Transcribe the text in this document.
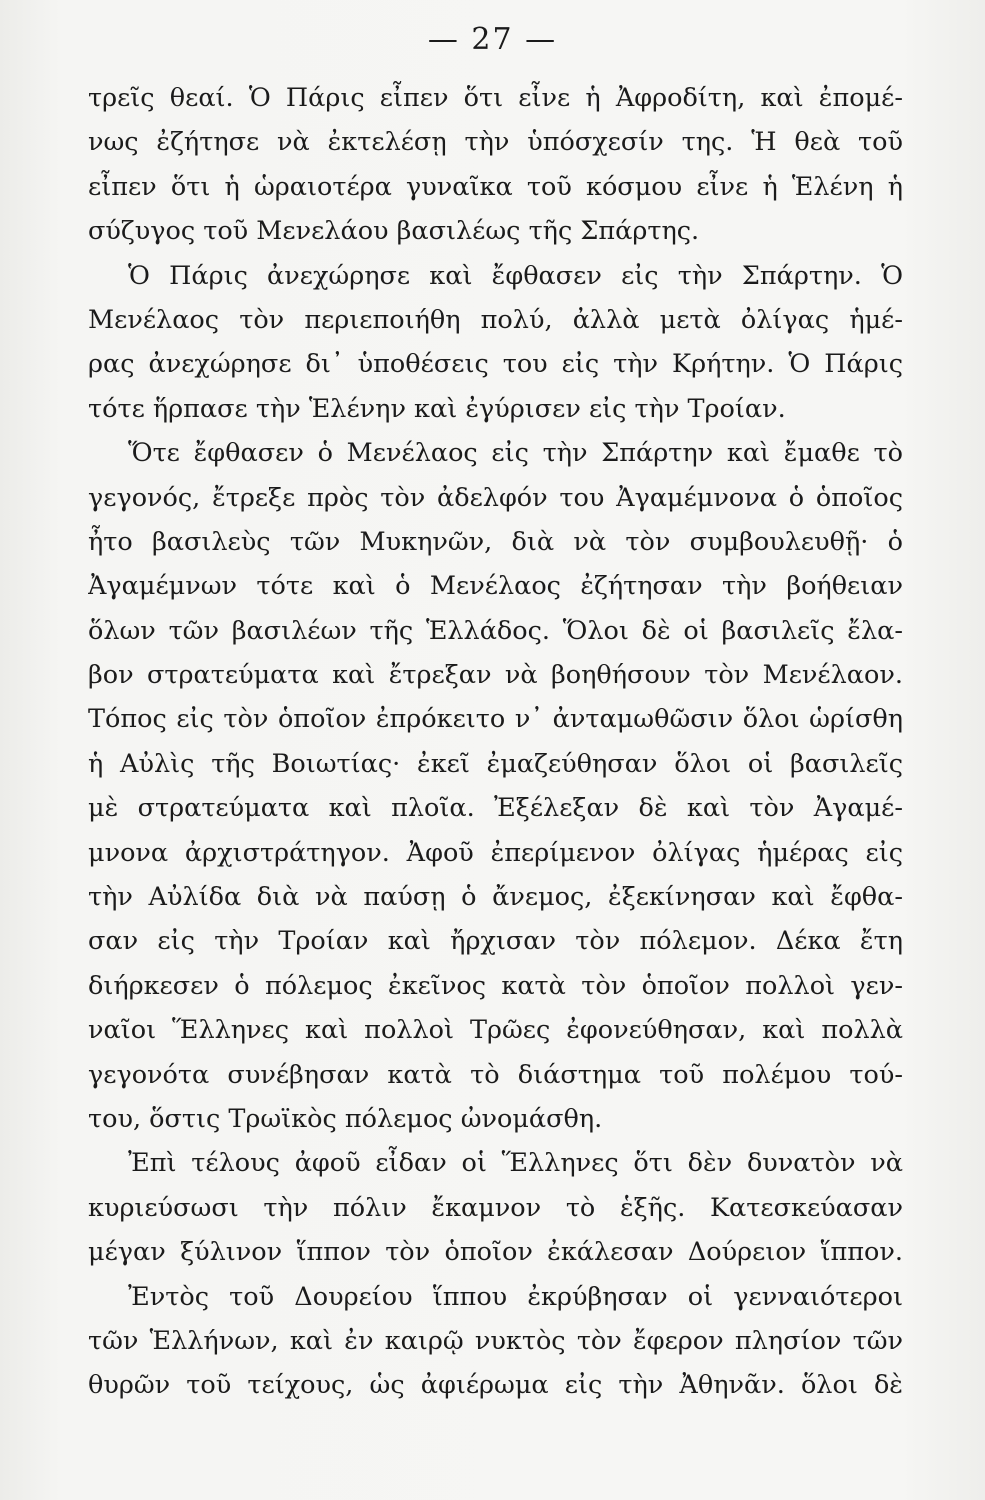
— 27 —
τρεῖς θεαί. Ὁ Πάρις εἶπεν ὅτι εἶνε ἡ Ἀφροδίτη, καὶ ἐπομέ-
νως ἐζήτησε νὰ ἐκτελέσῃ τὴν ὑπόσχεσίν της. Ἡ θεὰ τοῦ
εἶπεν ὅτι ἡ ὡραιοτέρα γυναῖκα τοῦ κόσμου εἶνε ἡ Ἑλένη ἡ
σύζυγος τοῦ Μενελάου βασιλέως τῆς Σπάρτης.
Ὁ Πάρις ἀνεχώρησε καὶ ἔφθασεν εἰς τὴν Σπάρτην. Ὁ
Μενέλαος τὸν περιεποιήθη πολύ, ἀλλὰ μετὰ ὀλίγας ἡμέ-
ρας ἀνεχώρησε δι᾽ ὑποθέσεις του εἰς τὴν Κρήτην. Ὁ Πάρις
τότε ἥρπασε τὴν Ἑλένην καὶ ἐγύρισεν εἰς τὴν Τροίαν.
Ὅτε ἔφθασεν ὁ Μενέλαος εἰς τὴν Σπάρτην καὶ ἔμαθε τὸ
γεγονός, ἔτρεξε πρὸς τὸν ἀδελφόν του Ἀγαμέμνονα ὁ ὁποῖος
ἦτο βασιλεὺς τῶν Μυκηνῶν, διὰ νὰ τὸν συμβουλευθῇ· ὁ
Ἀγαμέμνων τότε καὶ ὁ Μενέλαος ἐζήτησαν τὴν βοήθειαν
ὅλων τῶν βασιλέων τῆς Ἑλλάδος. Ὅλοι δὲ οἱ βασιλεῖς ἔλα-
βον στρατεύματα καὶ ἔτρεξαν νὰ βοηθήσουν τὸν Μενέλαον.
Τόπος εἰς τὸν ὁποῖον ἐπρόκειτο ν᾽ ἀνταμωθῶσιν ὅλοι ὡρίσθη
ἡ Αὐλὶς τῆς Βοιωτίας· ἐκεῖ ἐμαζεύθησαν ὅλοι οἱ βασιλεῖς
μὲ στρατεύματα καὶ πλοῖα. Ἐξέλεξαν δὲ καὶ τὸν Ἀγαμέ-
μνονα ἀρχιστράτηγον. Ἀφοῦ ἐπερίμενον ὀλίγας ἡμέρας εἰς
τὴν Αὐλίδα διὰ νὰ παύσῃ ὁ ἄνεμος, ἐξεκίνησαν καὶ ἔφθα-
σαν εἰς τὴν Τροίαν καὶ ἤρχισαν τὸν πόλεμον. Δέκα ἔτη
διήρκεσεν ὁ πόλεμος ἐκεῖνος κατὰ τὸν ὁποῖον πολλοὶ γεν-
ναῖοι Ἕλληνες καὶ πολλοὶ Τρῶες ἐφονεύθησαν, καὶ πολλὰ
γεγονότα συνέβησαν κατὰ τὸ διάστημα τοῦ πολέμου τού-
του, ὅστις Τρωϊκὸς πόλεμος ὠνομάσθη.
Ἐπὶ τέλους ἀφοῦ εἶδαν οἱ Ἕλληνες ὅτι δὲν δυνατὸν νὰ
κυριεύσωσι τὴν πόλιν ἔκαμνον τὸ ἑξῆς. Κατεσκεύασαν
μέγαν ξύλινον ἵππον τὸν ὁποῖον ἐκάλεσαν Δούρειον ἵππον.
Ἐντὸς τοῦ Δουρείου ἵππου ἐκρύβησαν οἱ γενναιότεροι
τῶν Ἑλλήνων, καὶ ἐν καιρῷ νυκτὸς τὸν ἔφερον πλησίον τῶν
θυρῶν τοῦ τείχους, ὡς ἀφιέρωμα εἰς τὴν Ἀθηνᾶν. ὅλοι δὲ
